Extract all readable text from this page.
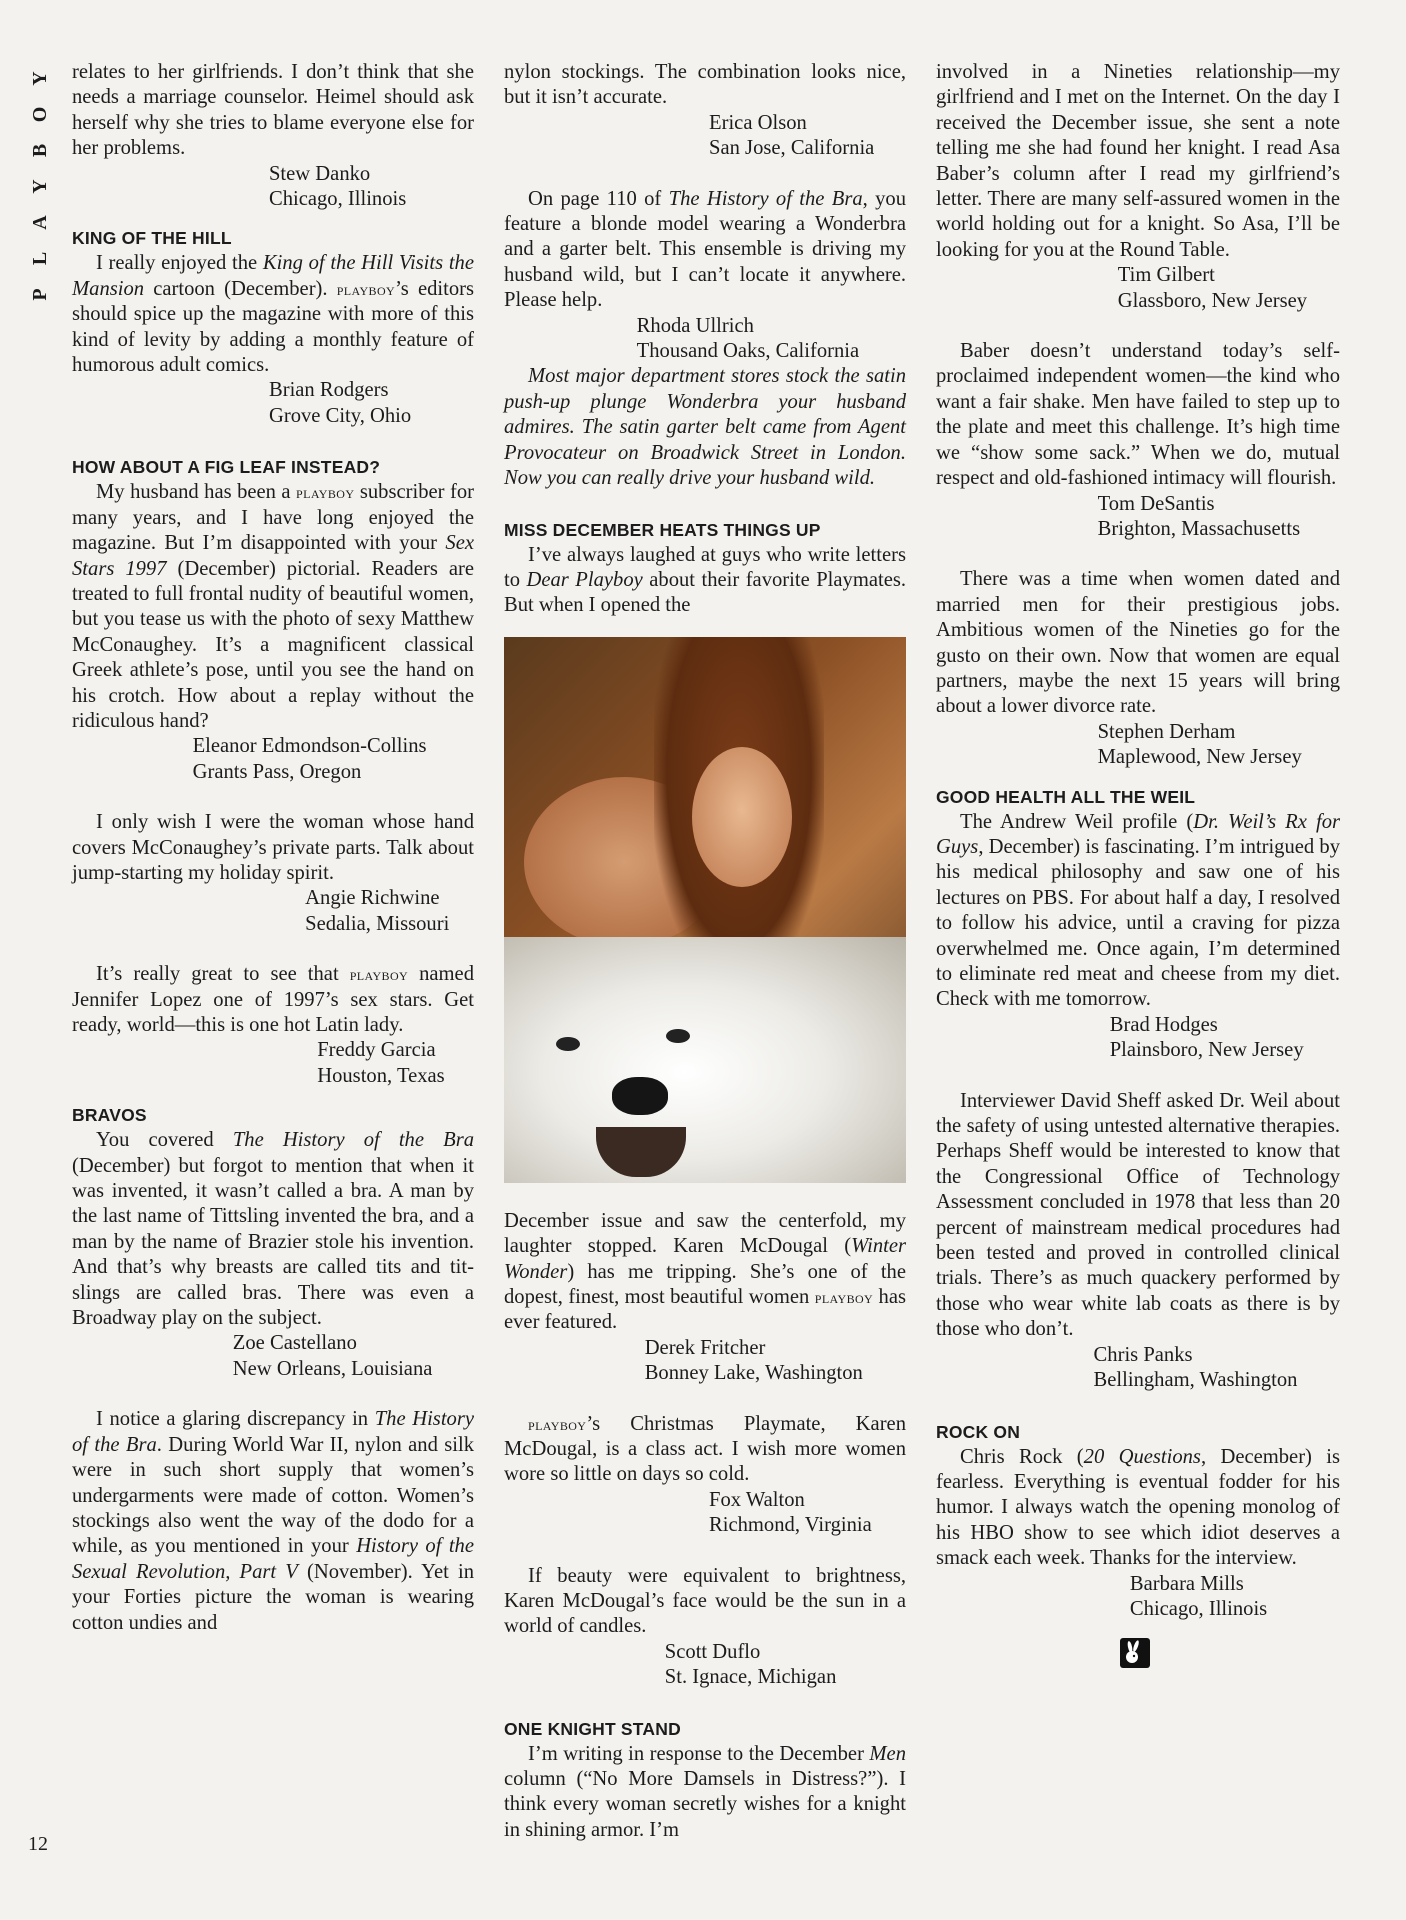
Y
O
B
Y
A
L
P
12

relates to her girlfriends. I don’t think that she needs a marriage counselor. Heimel should ask herself why she tries to blame everyone else for her problems.

Stew Danko
Chicago, Illinois
KING OF THE HILL

I really enjoyed the King of the Hill Visits the Mansion cartoon (December). playboy’s editors should spice up the magazine with more of this kind of levity by adding a monthly feature of humorous adult comics.

Brian Rodgers
Grove City, Ohio
HOW ABOUT A FIG LEAF INSTEAD?

My husband has been a playboy subscriber for many years, and I have long enjoyed the magazine. But I’m disappointed with your Sex Stars 1997 (December) pictorial. Readers are treated to full frontal nudity of beautiful women, but you tease us with the photo of sexy Matthew McConaughey. It’s a magnificent classical Greek athlete’s pose, until you see the hand on his crotch. How about a replay without the ridiculous hand?

Eleanor Edmondson-Collins
Grants Pass, Oregon

I only wish I were the woman whose hand covers McConaughey’s private parts. Talk about jump-starting my holiday spirit.

Angie Richwine
Sedalia, Missouri

It’s really great to see that playboy named Jennifer Lopez one of 1997’s sex stars. Get ready, world—this is one hot Latin lady.

Freddy Garcia
Houston, Texas
BRAVOS

You covered The History of the Bra (December) but forgot to mention that when it was invented, it wasn’t called a bra. A man by the last name of Tittsling invented the bra, and a man by the name of Brazier stole his invention. And that’s why breasts are called tits and tit-slings are called bras. There was even a Broadway play on the subject.

Zoe Castellano
New Orleans, Louisiana

I notice a glaring discrepancy in The History of the Bra. During World War II, nylon and silk were in such short supply that women’s undergarments were made of cotton. Women’s stockings also went the way of the dodo for a while, as you mentioned in your History of the Sexual Revolution, Part V (November). Yet in your Forties picture the woman is wearing cotton undies and

nylon stockings. The combination looks nice, but it isn’t accurate.

Erica Olson
San Jose, California

On page 110 of The History of the Bra, you feature a blonde model wearing a Wonderbra and a garter belt. This ensemble is driving my husband wild, but I can’t locate it anywhere. Please help.

Rhoda Ullrich
Thousand Oaks, California

Most major department stores stock the satin push-up plunge Wonderbra your husband admires. The satin garter belt came from Agent Provocateur on Broadwick Street in London. Now you can really drive your husband wild.

MISS DECEMBER HEATS THINGS UP

I’ve always laughed at guys who write letters to Dear Playboy about their favorite Playmates. But when I opened the

December issue and saw the centerfold, my laughter stopped. Karen McDougal (Winter Wonder) has me tripping. She’s one of the dopest, finest, most beautiful women playboy has ever featured.

Derek Fritcher
Bonney Lake, Washington

playboy’s Christmas Playmate, Karen McDougal, is a class act. I wish more women wore so little on days so cold.

Fox Walton
Richmond, Virginia

If beauty were equivalent to brightness, Karen McDougal’s face would be the sun in a world of candles.

Scott Duflo
St. Ignace, Michigan
ONE KNIGHT STAND

I’m writing in response to the December Men column (“No More Damsels in Distress?”). I think every woman secretly wishes for a knight in shining armor. I’m

involved in a Nineties relationship—my girlfriend and I met on the Internet. On the day I received the December issue, she sent a note telling me she had found her knight. I read Asa Baber’s column after I read my girlfriend’s letter. There are many self-assured women in the world holding out for a knight. So Asa, I’ll be looking for you at the Round Table.

Tim Gilbert
Glassboro, New Jersey

Baber doesn’t understand today’s self-proclaimed independent women—the kind who want a fair shake. Men have failed to step up to the plate and meet this challenge. It’s high time we “show some sack.” When we do, mutual respect and old-fashioned intimacy will flourish.

Tom DeSantis
Brighton, Massachusetts

There was a time when women dated and married men for their prestigious jobs. Ambitious women of the Nineties go for the gusto on their own. Now that women are equal partners, maybe the next 15 years will bring about a lower divorce rate.

Stephen Derham
Maplewood, New Jersey
GOOD HEALTH ALL THE WEIL

The Andrew Weil profile (Dr. Weil’s Rx for Guys, December) is fascinating. I’m intrigued by his medical philosophy and saw one of his lectures on PBS. For about half a day, I resolved to follow his advice, until a craving for pizza overwhelmed me. Once again, I’m determined to eliminate red meat and cheese from my diet. Check with me tomorrow.

Brad Hodges
Plainsboro, New Jersey

Interviewer David Sheff asked Dr. Weil about the safety of using untested alternative therapies. Perhaps Sheff would be interested to know that the Congressional Office of Technology Assessment concluded in 1978 that less than 20 percent of mainstream medical procedures had been tested and proved in controlled clinical trials. There’s as much quackery performed by those who wear white lab coats as there is by those who don’t.

Chris Panks
Bellingham, Washington
ROCK ON

Chris Rock (20 Questions, December) is fearless. Everything is eventual fodder for his humor. I always watch the opening monolog of his HBO show to see which idiot deserves a smack each week. Thanks for the interview.

Barbara Mills
Chicago, Illinois
